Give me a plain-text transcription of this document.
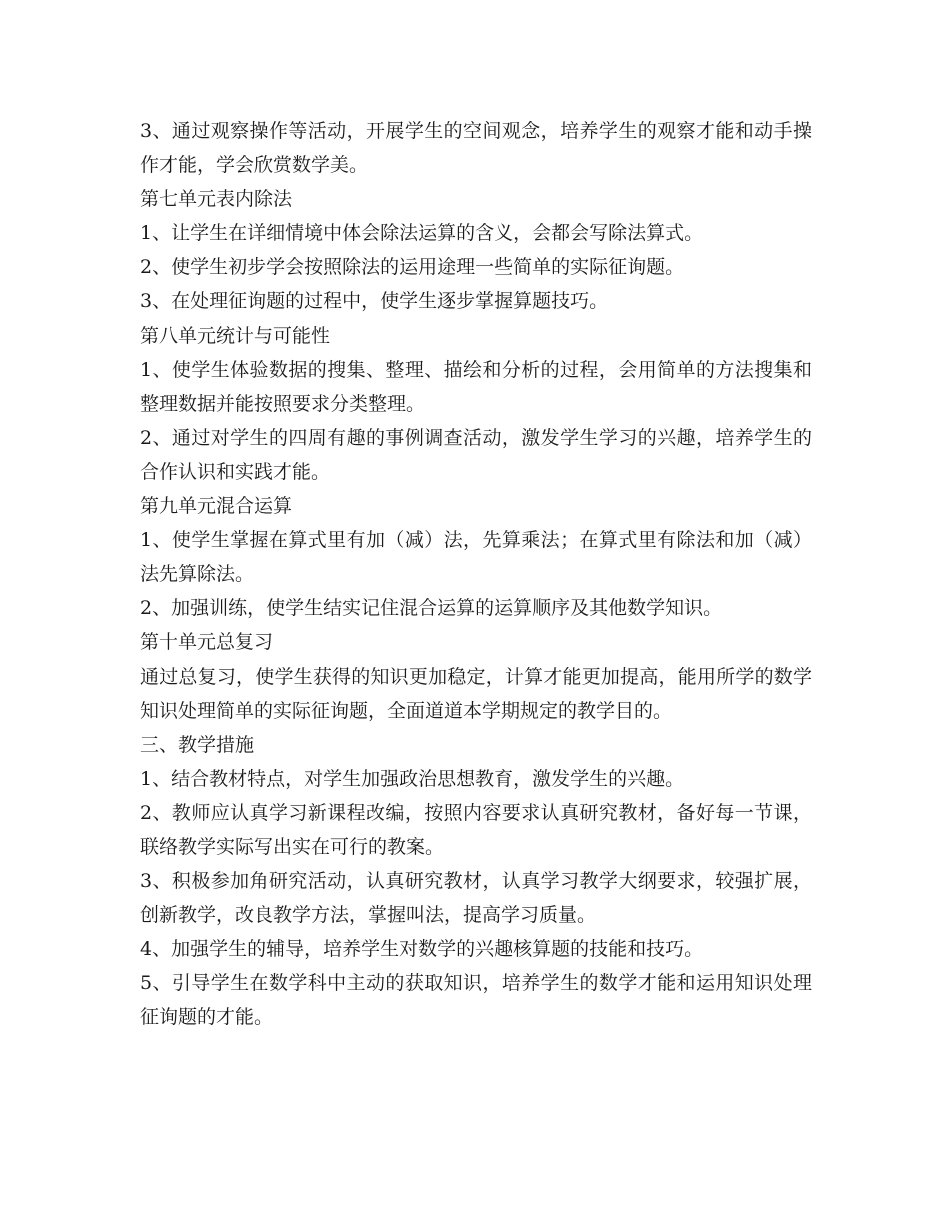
3、通过观察操作等活动，开展学生的空间观念，培养学生的观察才能和动手操作才能，学会欣赏数学美。

第七单元表内除法

1、让学生在详细情境中体会除法运算的含义，会都会写除法算式。

2、使学生初步学会按照除法的运用途理一些简单的实际征询题。

3、在处理征询题的过程中，使学生逐步掌握算题技巧。

第八单元统计与可能性

1、使学生体验数据的搜集、整理、描绘和分析的过程，会用简单的方法搜集和整理数据并能按照要求分类整理。

2、通过对学生的四周有趣的事例调查活动，激发学生学习的兴趣，培养学生的合作认识和实践才能。

第九单元混合运算

1、使学生掌握在算式里有加（减）法，先算乘法；在算式里有除法和加（减）法先算除法。

2、加强训练，使学生结实记住混合运算的运算顺序及其他数学知识。

第十单元总复习

通过总复习，使学生获得的知识更加稳定，计算才能更加提高，能用所学的数学知识处理简单的实际征询题，全面道道本学期规定的教学目的。

三、教学措施

1、结合教材特点，对学生加强政治思想教育，激发学生的兴趣。

2、教师应认真学习新课程改编，按照内容要求认真研究教材，备好每一节课，联络教学实际写出实在可行的教案。

3、积极参加角研究活动，认真研究教材，认真学习教学大纲要求，较强扩展，创新教学，改良教学方法，掌握叫法，提高学习质量。

4、加强学生的辅导，培养学生对数学的兴趣核算题的技能和技巧。

5、引导学生在数学科中主动的获取知识，培养学生的数学才能和运用知识处理征询题的才能。
